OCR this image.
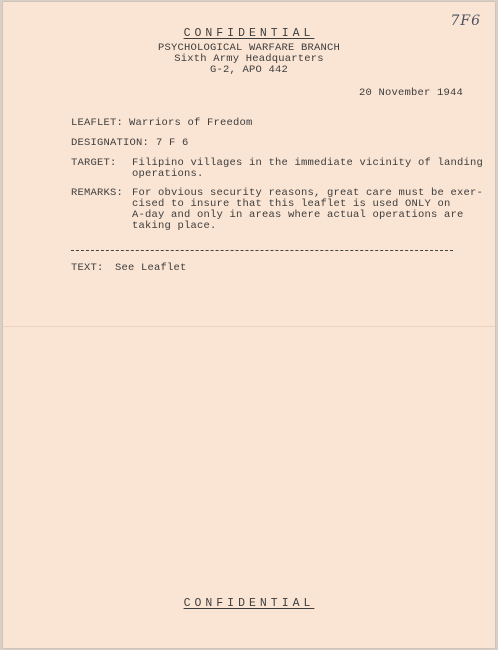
7F6
CONFIDENTIAL
PSYCHOLOGICAL WARFARE BRANCH
Sixth Army Headquarters
G-2, APO 442
20 November 1944
LEAFLET: Warriors of Freedom
DESIGNATION: 7 F 6
TARGET: Filipino villages in the immediate vicinity of landing
operations.
REMARKS: For obvious security reasons, great care must be exer-
cised to insure that this leaflet is used ONLY on
A-day and only in areas where actual operations are
taking place.
TEXT: See Leaflet
CONFIDENTIAL
